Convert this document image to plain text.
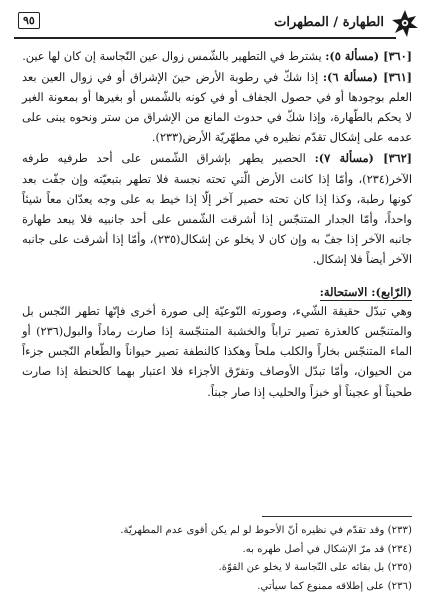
الطهارة / المطهرات
٩٥

[٣٦٠] (مسألة ٥): يشترط في التطهير بالشّمس زوال عين النّجاسة إن كان لها عين.

[٣٦١] (مسألة ٦): إذا شكّ في رطوبة الأرض حينَ الإشراق أو في زوال العين بعد العلم بوجودها أو في حصول الجفاف أو في كونه بالشّمس أو بغيرها أو بمعونة الغير لا يحكم بالطّهارة، وإذا شكّ في حدوث المانع من الإشراق من ستر ونحوه يبنى على عدمه على إشكال تقدّم نظيره في مطهّريّة الأرض(٢٣٣).

[٣٦٢] (مسألة ٧): الحصير يطهر بإشراق الشّمس على أحد طرفيه طرفه الآخر(٢٣٤)، وأمّا إذا كانت الأرض الّتي تحته نجسة فلا تطهر بتبعيّته وإن جفّت بعد كونها رطبة، وكذا إذا كان تحته حصير آخر إلّا إذا خيط به على وجه يعدّان معاً شيئاً واحداً، وأمّا الجدار المتنجّس إذا أشرقت الشّمس على أحد جانبيه فلا يبعد طهارة جانبه الآخر إذا جفّ به وإن كان لا يخلو عن إشكال(٢٣٥)، وأمّا إذا أشرقت على جانبه الآخر أيضاً فلا إشكال.

(الرّابع): الاستحالة:

وهي تبدّل حقيقة الشّيء، وصورته النّوعيّة إلى صورة أخرى فإنّها تطهر النّجس بل والمتنجّس كالعذرة تصير تراباً والخشبة المتنجّسة إذا صارت رماداً والبول(٢٣٦) أو الماء المتنجّس بخاراً والكلب ملحاً وهكذا كالنطفة تصير حيواناً والطّعام النّجس جزءاً من الحيوان، وأمّا تبدّل الأوصاف وتفرّق الأجزاء فلا اعتبار بهما كالحنطة إذا صارت طحيناً أو عجيناً أو خبزاً والحليب إذا صار جبناً.

(٢٣٣) وقد تقدّم في نظيره أنّ الأحوط لو لم يكن أقوى عدم المطهريّة.

(٢٣٤) قد مرّ الإشكال في أصل طهره به.

(٢٣٥) بل بقائه على النّجاسة لا يخلو عن القوّة.

(٢٣٦) على إطلاقه ممنوع كما سيأتي.
